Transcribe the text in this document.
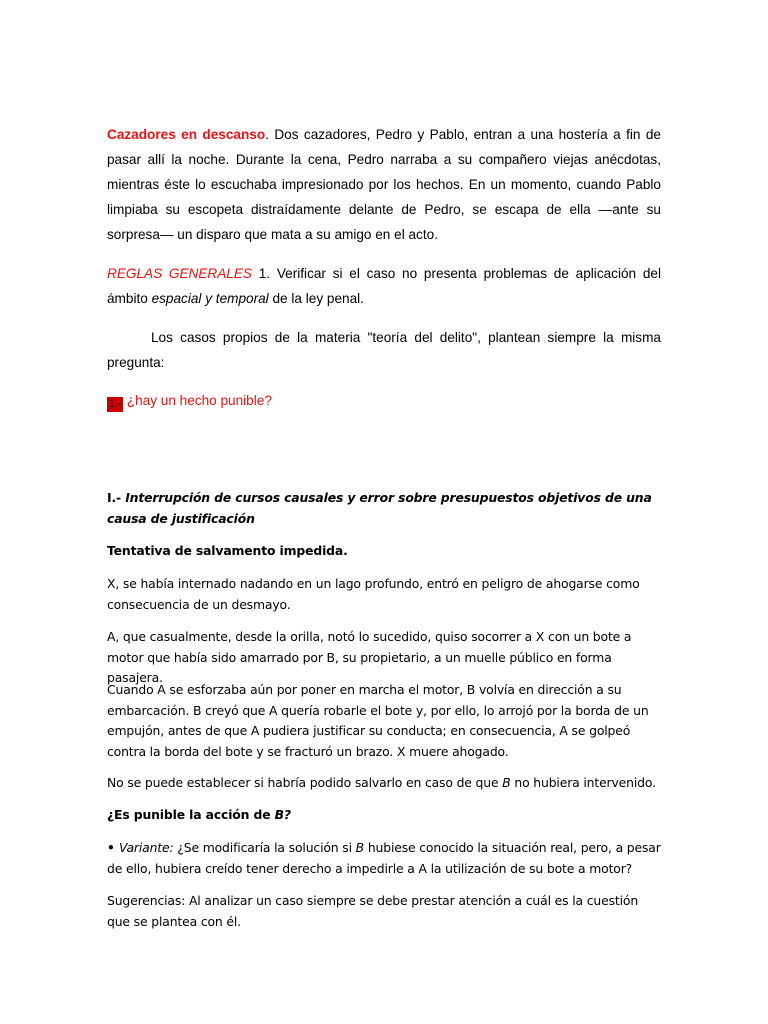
Cazadores en descanso. Dos cazadores, Pedro y Pablo, entran a una hostería a fin de pasar allí la noche. Durante la cena, Pedro narraba a su compañero viejas anécdotas, mientras éste lo escuchaba impresionado por los hechos. En un momento, cuando Pablo limpiaba su escopeta distraídamente delante de Pedro, se escapa de ella —ante su sorpresa— un disparo que mata a su amigo en el acto.

REGLAS GENERALES 1. Verificar si el caso no presenta problemas de aplicación del ámbito espacial y temporal de la ley penal.

Los casos propios de la materia "teoría del delito", plantean siempre la misma pregunta:

1.- ¿hay un hecho punible?

I.- Interrupción de cursos causales y error sobre presupuestos objetivos de una causa de justificación

Tentativa de salvamento impedida.

X, se había internado nadando en un lago profundo, entró en peligro de ahogarse como consecuencia de un desmayo.

A, que casualmente, desde la orilla, notó lo sucedido, quiso socorrer a X con un bote a motor que había sido amarrado por B, su propietario, a un muelle público en forma pasajera.

Cuando A se esforzaba aún por poner en marcha el motor, B volvía en dirección a su embarcación. B creyó que A quería robarle el bote y, por ello, lo arrojó por la borda de un empujón, antes de que A pudiera justificar su conducta; en consecuencia, A se golpeó contra la borda del bote y se fracturó un brazo. X muere ahogado.

No se puede establecer si habría podido salvarlo en caso de que B no hubiera intervenido.

¿Es punible la acción de B?

• Variante: ¿Se modificaría la solución si B hubiese conocido la situación real, pero, a pesar de ello, hubiera creído tener derecho a impedirle a A la utilización de su bote a motor?

Sugerencias: Al analizar un caso siempre se debe prestar atención a cuál es la cuestión que se plantea con él.
